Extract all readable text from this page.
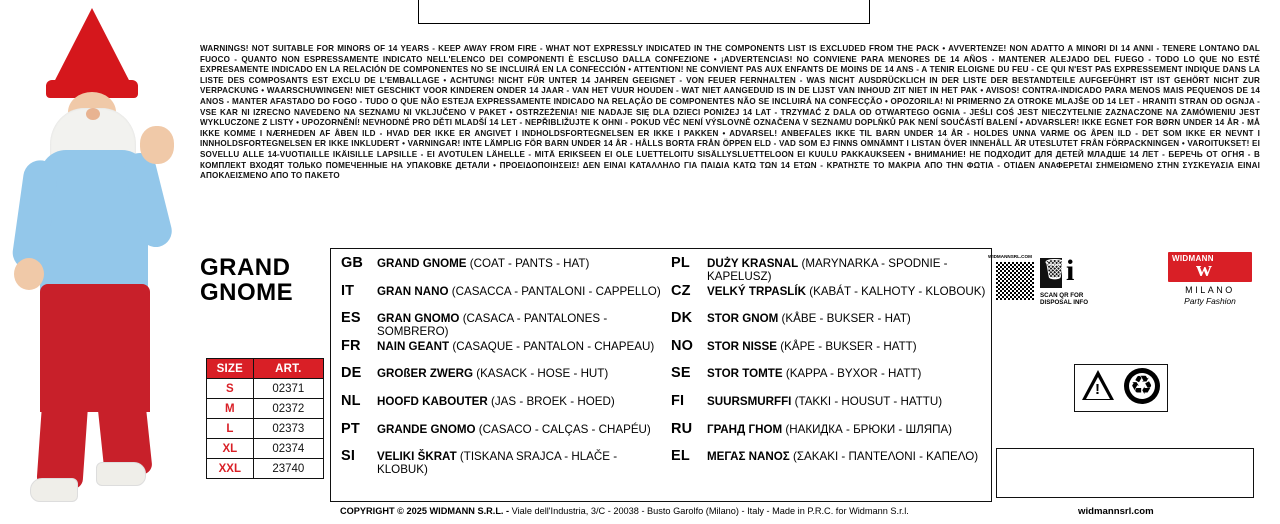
WARNINGS! NOT SUITABLE FOR MINORS OF 14 YEARS - KEEP AWAY FROM FIRE - WHAT NOT EXPRESSLY INDICATED IN THE COMPONENTS LIST IS EXCLUDED FROM THE PACK • AVVERTENZE! NON ADATTO A MINORI DI 14 ANNI - TENERE LONTANO DAL FUOCO - QUANTO NON ESPRESSAMENTE INDICATO NELL'ELENCO DEI COMPONENTI È ESCLUSO DALLA CONFEZIONE • ¡ADVERTENCIAS! NO CONVIENE PARA MENORES DE 14 AÑOS - MANTENER ALEJADO DEL FUEGO - TODO LO QUE NO ESTÉ EXPRESAMENTE INDICADO EN LA RELACIÓN DE COMPONENTES NO SE INCLUIRÁ EN LA CONFECCIÓN • ATTENTION! NE CONVIENT PAS AUX ENFANTS DE MOINS DE 14 ANS - A TENIR ELOIGNE DU FEU - CE QUI N'EST PAS EXPRESSEMENT INDIQUE DANS LA LISTE DES COMPOSANTS EST EXCLU DE L'EMBALLAGE • ACHTUNG! NICHT FÜR UNTER 14 JAHREN GEEIGNET - VON FEUER FERNHALTEN - WAS NICHT AUSDRÜCKLICH IN DER LISTE DER BESTANDTEILE AUFGEFÜHRT IST IST GEHÖRT NICHT ZUR VERPACKUNG • WAARSCHUWINGEN! NIET GESCHIKT VOOR KINDEREN ONDER 14 JAAR - VAN HET VUUR HOUDEN - WAT NIET AANGEDUID IS IN DE LIJST VAN INHOUD ZIT NIET IN HET PAK • AVISOS! CONTRA-INDICADO PARA MENOS MAIS PEQUENOS DE 14 ANOS - MANTER AFASTADO DO FOGO - TUDO O QUE NÃO ESTEJA EXPRESSAMENTE INDICADO NA RELAÇÃO DE COMPONENTES NÃO SE INCLUIRÁ NA CONFECÇÃO • OPOZORILA! NI PRIMERNO ZA OTROKE MLAJŠE OD 14 LET - HRANITI STRAN OD OGNJA - VSE KAR NI IZRECNO NAVEDENO NA SEZNAMU NI VKLJUČENO V PAKET • OSTRZEŻENIA! NIE NADAJE SIĘ DLA DZIECI PONIŻEJ 14 LAT - TRZYMAĆ Z DALA OD OTWARTEGO OGNIA - JEŚLI COŚ JEST NIECZYTELNIE ZAZNACZONE NA ZAMÓWIENIU JEST WYKLUCZONE Z LISTY • UPOZORNĚNÍ! NEVHODNÉ PRO DĚTI MLADŠÍ 14 LET - NEPŘIBLIŽUJTE K OHNI - POKUD VĚC NENÍ VÝSLOVNĚ OZNAČENA V SEZNAMU DOPLŇKŮ PAK NENÍ SOUČÁSTÍ BALENÍ • ADVARSLER! IKKE EGNET FOR BØRN UNDER 14 ÅR - MÅ IKKE KOMME I NÆRHEDEN AF ÅBEN ILD - HVAD DER IKKE ER ANGIVET I INDHOLDSFORTEGNELSEN ER IKKE I PAKKEN • ADVARSEL! ANBEFALES IKKE TIL BARN UNDER 14 ÅR - HOLDES UNNA VARME OG ÅPEN ILD - DET SOM IKKE ER NEVNT I INNHOLDSFORTEGNELSEN ER IKKE INKLUDERT • VARNINGAR! INTE LÄMPLIG FÖR BARN UNDER 14 ÅR - HÅLLS BORTA FRÅN ÖPPEN ELD - VAD SOM EJ FINNS OMNÄMNT I LISTAN ÖVER INNEHÅLL ÄR UTESLUTET FRÅN FÖRPACKNINGEN • VAROITUKSET! EI SOVELLU ALLE 14-VUOTIAILLE IKÄISILLE LAPSILLE - EI AVOTULEN LÄHELLE - MITÄ ERIKSEEN EI OLE LUETTELOITU SISÄLLYSLUETTELOON EI KUULU PAKKAUKSEEN • ВНИМАНИЕ! НЕ ПОДХОДИТ ДЛЯ ДЕТЕЙ МЛАДШЕ 14 ЛЕТ - БЕРЕЧЬ ОТ ОГНЯ - В КОМПЛЕКТ ВХОДЯТ ТОЛЬКО ПОМЕЧЕННЫЕ НА УПАКОВКЕ ДЕТАЛИ • ΠΡΟΕΙΔΟΠΟΙΗΣΕΙΣ! ΔΕΝ ΕΙΝΑΙ ΚΑΤΑΛΛΗΛΟ ΓΙΑ ΠΑΙΔΙΑ ΚΑΤΩ ΤΩΝ 14 ΕΤΩΝ - ΚΡΑΤΗΣΤΕ ΤΟ ΜΑΚΡΙΑ ΑΠΟ ΤΗΝ ΦΩΤΙΑ - ΟΤΙΔΕΝ ΑΝΑΦΕΡΕΤΑΙ ΣΗΜΕΙΩΜΕΝΟ ΣΤΗΝ ΣΥΣΚΕΥΑΣΙΑ ΕΙΝΑΙ ΑΠΟΚΛΕΙΣΜΕΝΟ ΑΠΟ ΤΟ ΠΑΚΕΤΟ
GRAND
GNOME
GB	GRAND GNOME (COAT - PANTS - HAT)
IT	GRAN NANO (CASACCA - PANTALONI - CAPPELLO)
ES	GRAN GNOMO (CASACA - PANTALONES - SOMBRERO)
FR	NAIN GEANT (CASAQUE - PANTALON - CHAPEAU)
DE	GROßER ZWERG (KASACK - HOSE - HUT)
NL	HOOFD KABOUTER (JAS - BROEK - HOED)
PT	GRANDE GNOMO (CASACO - CALÇAS - CHAPÉU)
SI	VELIKI ŠKRAT (TISKANA SRAJCA - HLAČE - KLOBUK)
PL	DUŻY KRASNAL (MARYNARKA - SPODNIE - KAPELUSZ)
CZ	VELKÝ TRPASLÍK (KABÁT - KALHOTY - KLOBOUK)
DK	STOR GNOM (KÅBE - BUKSER - HAT)
NO	STOR NISSE (KÅPE - BUKSER - HATT)
SE	STOR TOMTE (KAPPA - BYXOR - HATT)
FI	SUURSMURFFI (TAKKI - HOUSUT - HATTU)
RU	ГРАНД ГНОМ (НАКИДКА - БРЮКИ - ШЛЯПА)
EL	ΜΕΓΑΣ ΝΑΝΟΣ (ΣΑΚΑΚΙ - ΠΑΝΤΕΛΟΝΙ - ΚΑΠΕΛΟ)
SIZE	ART.
S	02371
M	02372
L	02373
XL	02374
XXL	23740
COPYRIGHT © 2025 WIDMANN S.R.L. - Viale dell'Industria, 3/C - 20038 - Busto Garolfo (Milano) - Italy - Made in P.R.C. for Widmann S.r.l.
WIDMANNSRL.COM
🗑
i
SCAN QR FOR DISPOSAL INFO
WIDMANN
w
MILANO
Party Fashion
! ♻
widmannsrl.com
